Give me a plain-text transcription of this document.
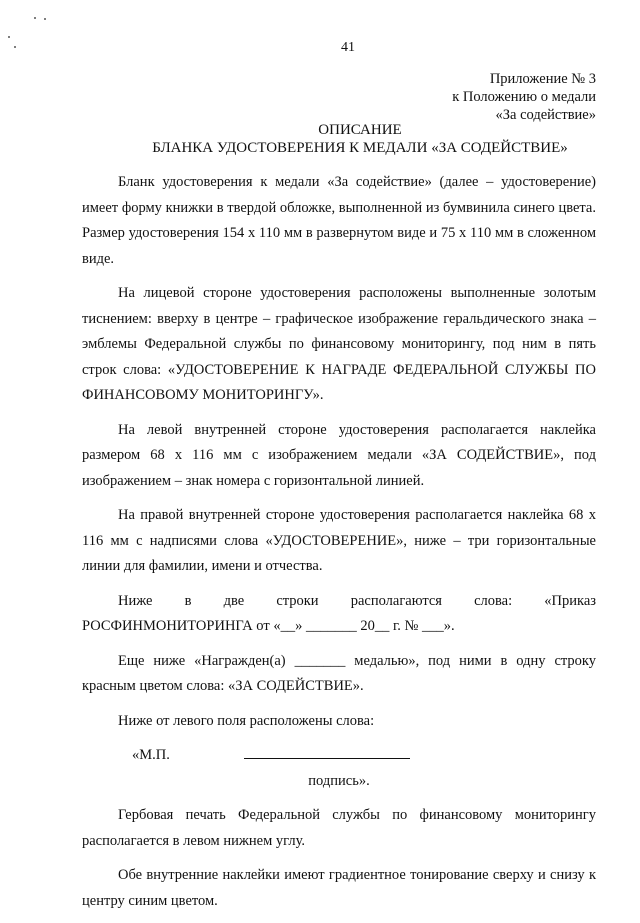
41
Приложение № 3
к Положению о медали
«За содействие»
ОПИСАНИЕ
БЛАНКА УДОСТОВЕРЕНИЯ К МЕДАЛИ «ЗА СОДЕЙСТВИЕ»

Бланк удостоверения к медали «За содействие» (далее – удостоверение) имеет форму книжки в твердой обложке, выполненной из бумвинила синего цвета. Размер удостоверения 154 х 110 мм в развернутом виде и 75 х 110 мм в сложенном виде.

На лицевой стороне удостоверения расположены выполненные золотым тиснением: вверху в центре – графическое изображение геральдического знака – эмблемы Федеральной службы по финансовому мониторингу, под ним в пять строк слова: «УДОСТОВЕРЕНИЕ К НАГРАДЕ ФЕДЕРАЛЬНОЙ СЛУЖБЫ ПО ФИНАНСОВОМУ МОНИТОРИНГУ».

На левой внутренней стороне удостоверения располагается наклейка размером 68 х 116 мм с изображением медали «ЗА СОДЕЙСТВИЕ», под изображением – знак номера с горизонтальной линией.

На правой внутренней стороне удостоверения располагается наклейка 68 х 116 мм с надписями слова «УДОСТОВЕРЕНИЕ», ниже – три горизонтальные линии для фамилии, имени и отчества.

Ниже в две строки располагаются слова: «Приказ
РОСФИНМОНИТОРИНГА от «__» _______ 20__ г. № ___».

Еще ниже «Награжден(а) _______ медалью», под ними в одну строку красным цветом слова: «ЗА СОДЕЙСТВИЕ».

Ниже от левого поля расположены слова:

«М.П.
подпись».

Гербовая печать Федеральной службы по финансовому мониторингу располагается в левом нижнем углу.

Обе внутренние наклейки имеют градиентное тонирование сверху и снизу к центру синим цветом.
